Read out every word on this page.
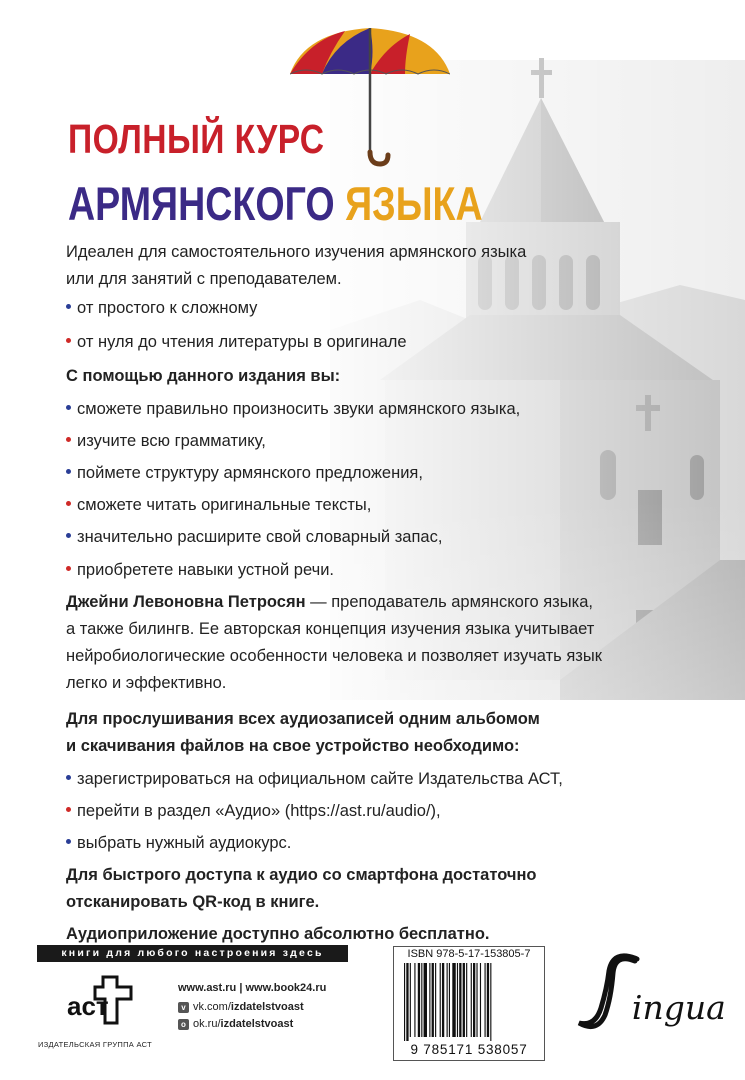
ПОЛНЫЙ КУРС
АРМЯНСКОГО ЯЗЫКА
Идеален для самостоятельного изучения армянского языка
или для занятий с преподавателем.
от простого к сложному
от нуля до чтения литературы в оригинале
С помощью данного издания вы:
сможете правильно произносить звуки армянского языка,
изучите всю грамматику,
поймете структуру армянского предложения,
сможете читать оригинальные тексты,
значительно расширите свой словарный запас,
приобретете навыки устной речи.
Джейни Левоновна Петросян — преподаватель армянского языка,
а также билингв. Ее авторская концепция изучения языка учитывает
нейробиологические особенности человека и позволяет изучать язык
легко и эффективно.
Для прослушивания всех аудиозаписей одним альбомом
и скачивания файлов на свое устройство необходимо:
зарегистрироваться на официальном сайте Издательства АСТ,
перейти в раздел «Аудио» (https://ast.ru/audio/),
выбрать нужный аудиокурс.
Для быстрого доступа к аудио со смартфона достаточно
отсканировать QR-код в книге.
Аудиоприложение доступно абсолютно бесплатно.
книги для любого настроения здесь
аст
ИЗДАТЕЛЬСКАЯ ГРУППА АСТ
www.ast.ru | www.book24.ru
v vk.com/izdatelstvoast
o ok.ru/izdatelstvoast
ISBN 978-5-17-153805-7
9 785171 538057
ingua
